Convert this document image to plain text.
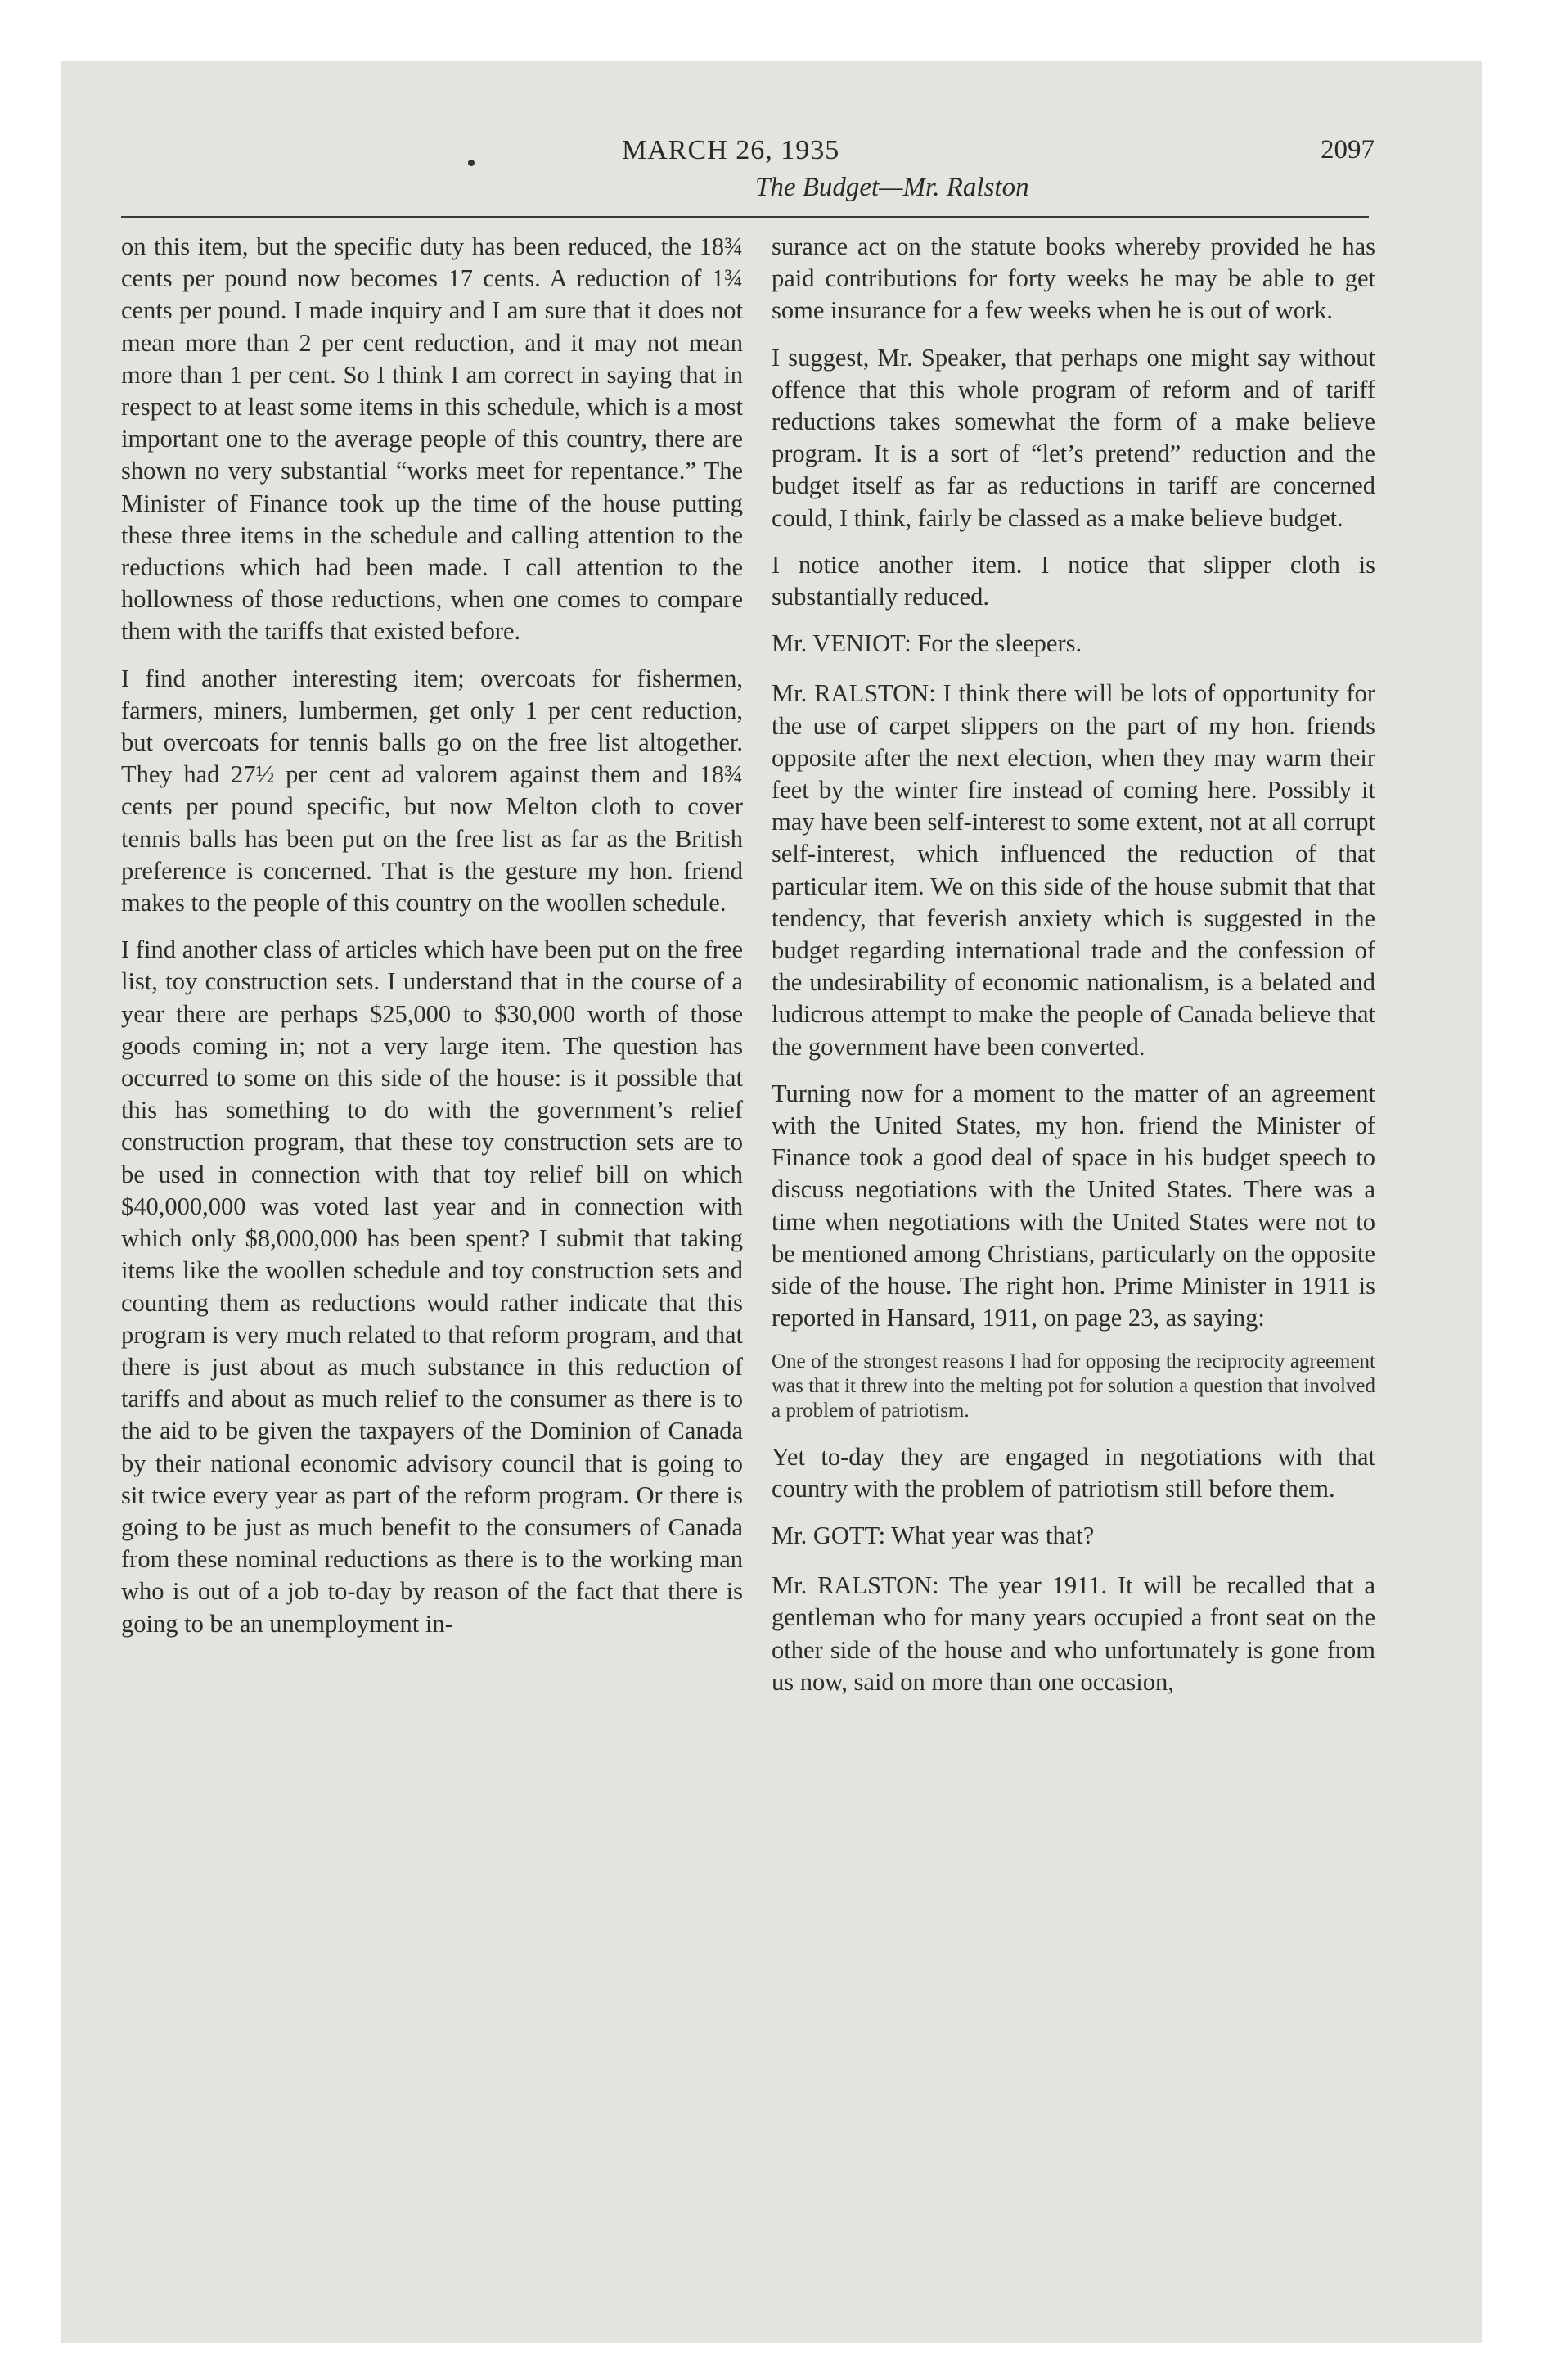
MARCH 26, 1935
The Budget—Mr. Ralston
2097

on this item, but the specific duty has been reduced, the 18¾ cents per pound now becomes 17 cents. A reduction of 1¾ cents per pound. I made inquiry and I am sure that it does not mean more than 2 per cent reduction, and it may not mean more than 1 per cent. So I think I am correct in saying that in respect to at least some items in this schedule, which is a most important one to the average people of this country, there are shown no very substantial “works meet for repentance.” The Minister of Finance took up the time of the house putting these three items in the schedule and calling attention to the reductions which had been made. I call attention to the hollowness of those reductions, when one comes to compare them with the tariffs that existed before.

I find another interesting item; overcoats for fishermen, farmers, miners, lumbermen, get only 1 per cent reduction, but overcoats for tennis balls go on the free list altogether. They had 27½ per cent ad valorem against them and 18¾ cents per pound specific, but now Melton cloth to cover tennis balls has been put on the free list as far as the British preference is concerned. That is the gesture my hon. friend makes to the people of this country on the woollen schedule.

I find another class of articles which have been put on the free list, toy construction sets. I understand that in the course of a year there are perhaps $25,000 to $30,000 worth of those goods coming in; not a very large item. The question has occurred to some on this side of the house: is it possible that this has something to do with the government’s relief construction program, that these toy construction sets are to be used in connection with that toy relief bill on which $40,000,000 was voted last year and in connection with which only $8,000,000 has been spent? I submit that taking items like the woollen schedule and toy construction sets and counting them as reductions would rather indicate that this program is very much related to that reform program, and that there is just about as much substance in this reduction of tariffs and about as much relief to the consumer as there is to the aid to be given the taxpayers of the Dominion of Canada by their national economic advisory council that is going to sit twice every year as part of the reform program. Or there is going to be just as much benefit to the consumers of Canada from these nominal reductions as there is to the working man who is out of a job to-day by reason of the fact that there is going to be an unemployment in-

surance act on the statute books whereby provided he has paid contributions for forty weeks he may be able to get some insurance for a few weeks when he is out of work.

I suggest, Mr. Speaker, that perhaps one might say without offence that this whole program of reform and of tariff reductions takes somewhat the form of a make believe program. It is a sort of “let’s pretend” reduction and the budget itself as far as reductions in tariff are concerned could, I think, fairly be classed as a make believe budget.

I notice another item. I notice that slipper cloth is substantially reduced.

Mr. VENIOT: For the sleepers.

Mr. RALSTON: I think there will be lots of opportunity for the use of carpet slippers on the part of my hon. friends opposite after the next election, when they may warm their feet by the winter fire instead of coming here. Possibly it may have been self-interest to some extent, not at all corrupt self-interest, which influenced the reduction of that particular item. We on this side of the house submit that that tendency, that feverish anxiety which is suggested in the budget regarding international trade and the confession of the undesirability of economic nationalism, is a belated and ludicrous attempt to make the people of Canada believe that the government have been converted.

Turning now for a moment to the matter of an agreement with the United States, my hon. friend the Minister of Finance took a good deal of space in his budget speech to discuss negotiations with the United States. There was a time when negotiations with the United States were not to be mentioned among Christians, particularly on the opposite side of the house. The right hon. Prime Minister in 1911 is reported in Hansard, 1911, on page 23, as saying:

One of the strongest reasons I had for opposing the reciprocity agreement was that it threw into the melting pot for solution a question that involved a problem of patriotism.

Yet to-day they are engaged in negotiations with that country with the problem of patriotism still before them.

Mr. GOTT: What year was that?

Mr. RALSTON: The year 1911. It will be recalled that a gentleman who for many years occupied a front seat on the other side of the house and who unfortunately is gone from us now, said on more than one occasion,
